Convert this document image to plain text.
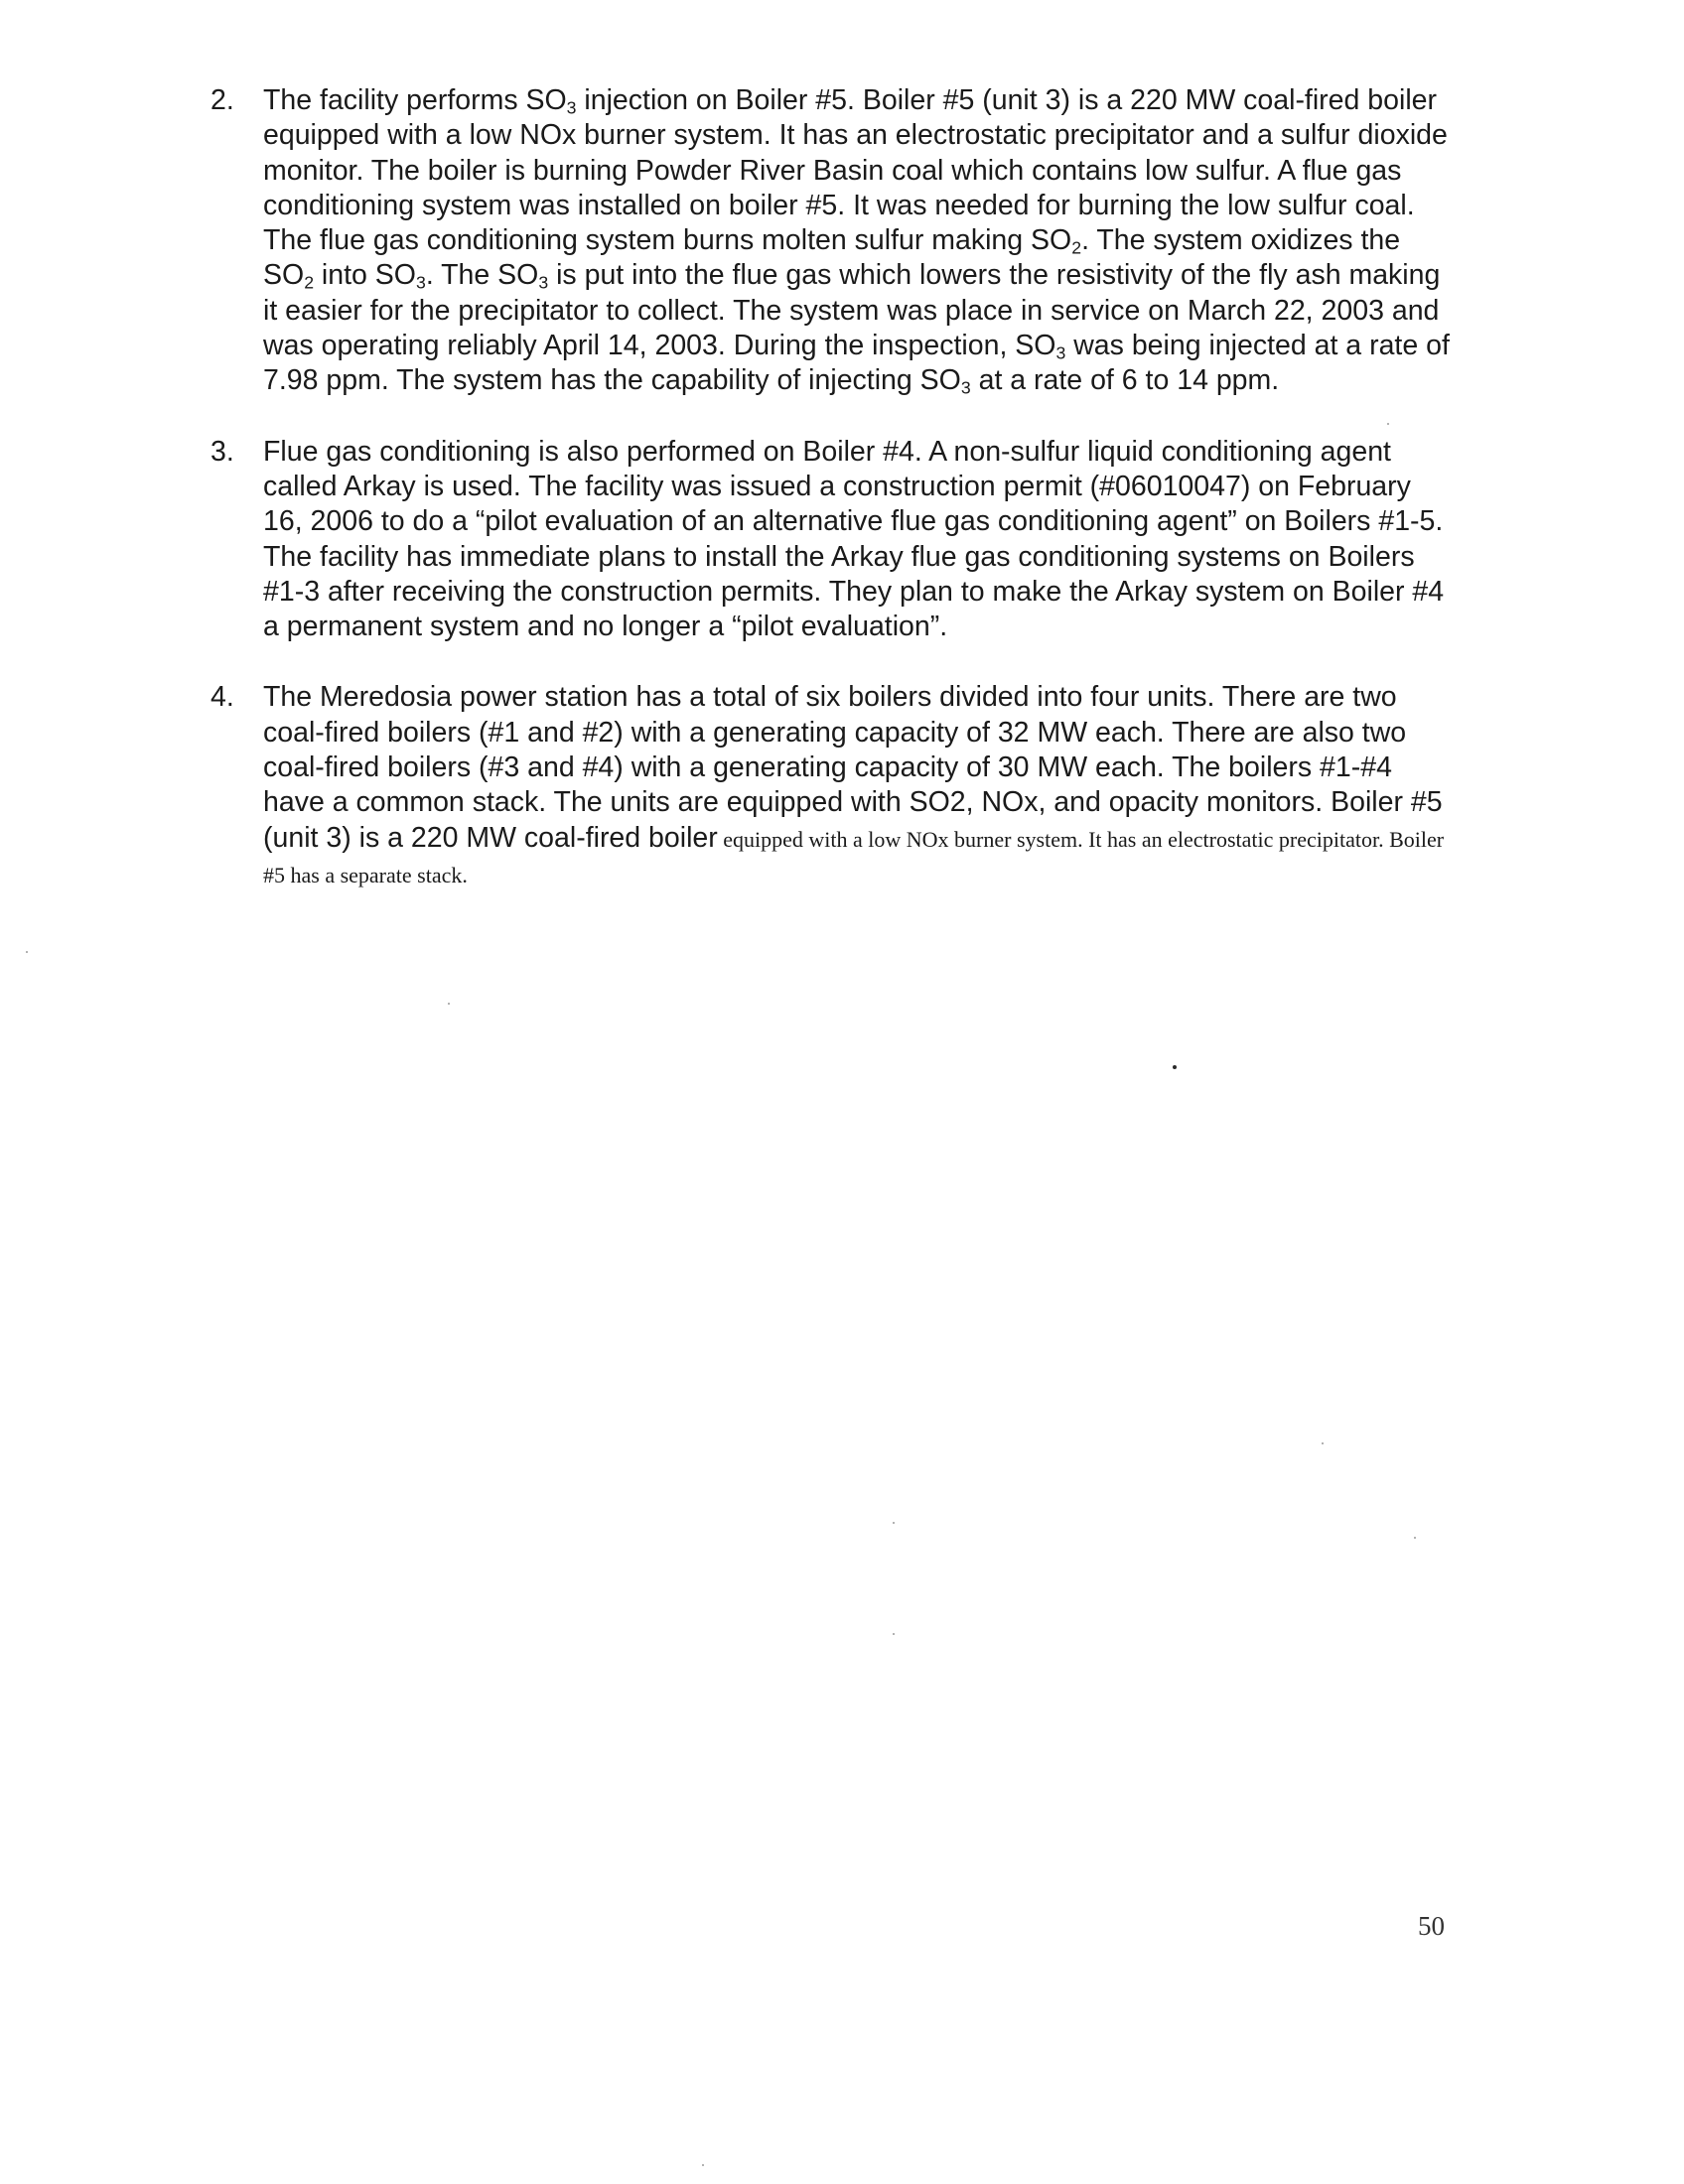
2.	The facility performs $SO_3$ injection on Boiler #5. Boiler #5 (unit 3) is a 220 MW coal-fired boiler equipped with a low NOx burner system. It has an electrostatic precipitator and a sulfur dioxide monitor. The boiler is burning Powder River Basin coal which contains low sulfur. A flue gas conditioning system was installed on boiler #5. It was needed for burning the low sulfur coal. The flue gas conditioning system burns molten sulfur making $SO_2$. The system oxidizes the $SO_2$ into $SO_3$. The $SO_3$ is put into the flue gas which lowers the resistivity of the fly ash making it easier for the precipitator to collect. The system was place in service on March 22, 2003 and was operating reliably April 14, 2003. During the inspection, $SO_3$ was being injected at a rate of 7.98 ppm. The system has the capability of injecting $SO_3$ at a rate of 6 to 14 ppm.
3.	Flue gas conditioning is also performed on Boiler #4. A non-sulfur liquid conditioning agent called Arkay is used. The facility was issued a construction permit (#06010047) on February 16, 2006 to do a “pilot evaluation of an alternative flue gas conditioning agent” on Boilers #1-5. The facility has immediate plans to install the Arkay flue gas conditioning systems on Boilers #1-3 after receiving the construction permits. They plan to make the Arkay system on Boiler #4 a permanent system and no longer a “pilot evaluation”.
4.	The Meredosia power station has a total of six boilers divided into four units. There are two coal-fired boilers (#1 and #2) with a generating capacity of 32 MW each. There are also two coal-fired boilers (#3 and #4) with a generating capacity of 30 MW each. The boilers #1-#4 have a common stack. The units are equipped with SO2, NOx, and opacity monitors. Boiler #5 (unit 3) is a 220 MW coal-fired boiler equipped with a low NOx burner system. It has an electrostatic precipitator. Boiler #5 has a separate stack.
50
